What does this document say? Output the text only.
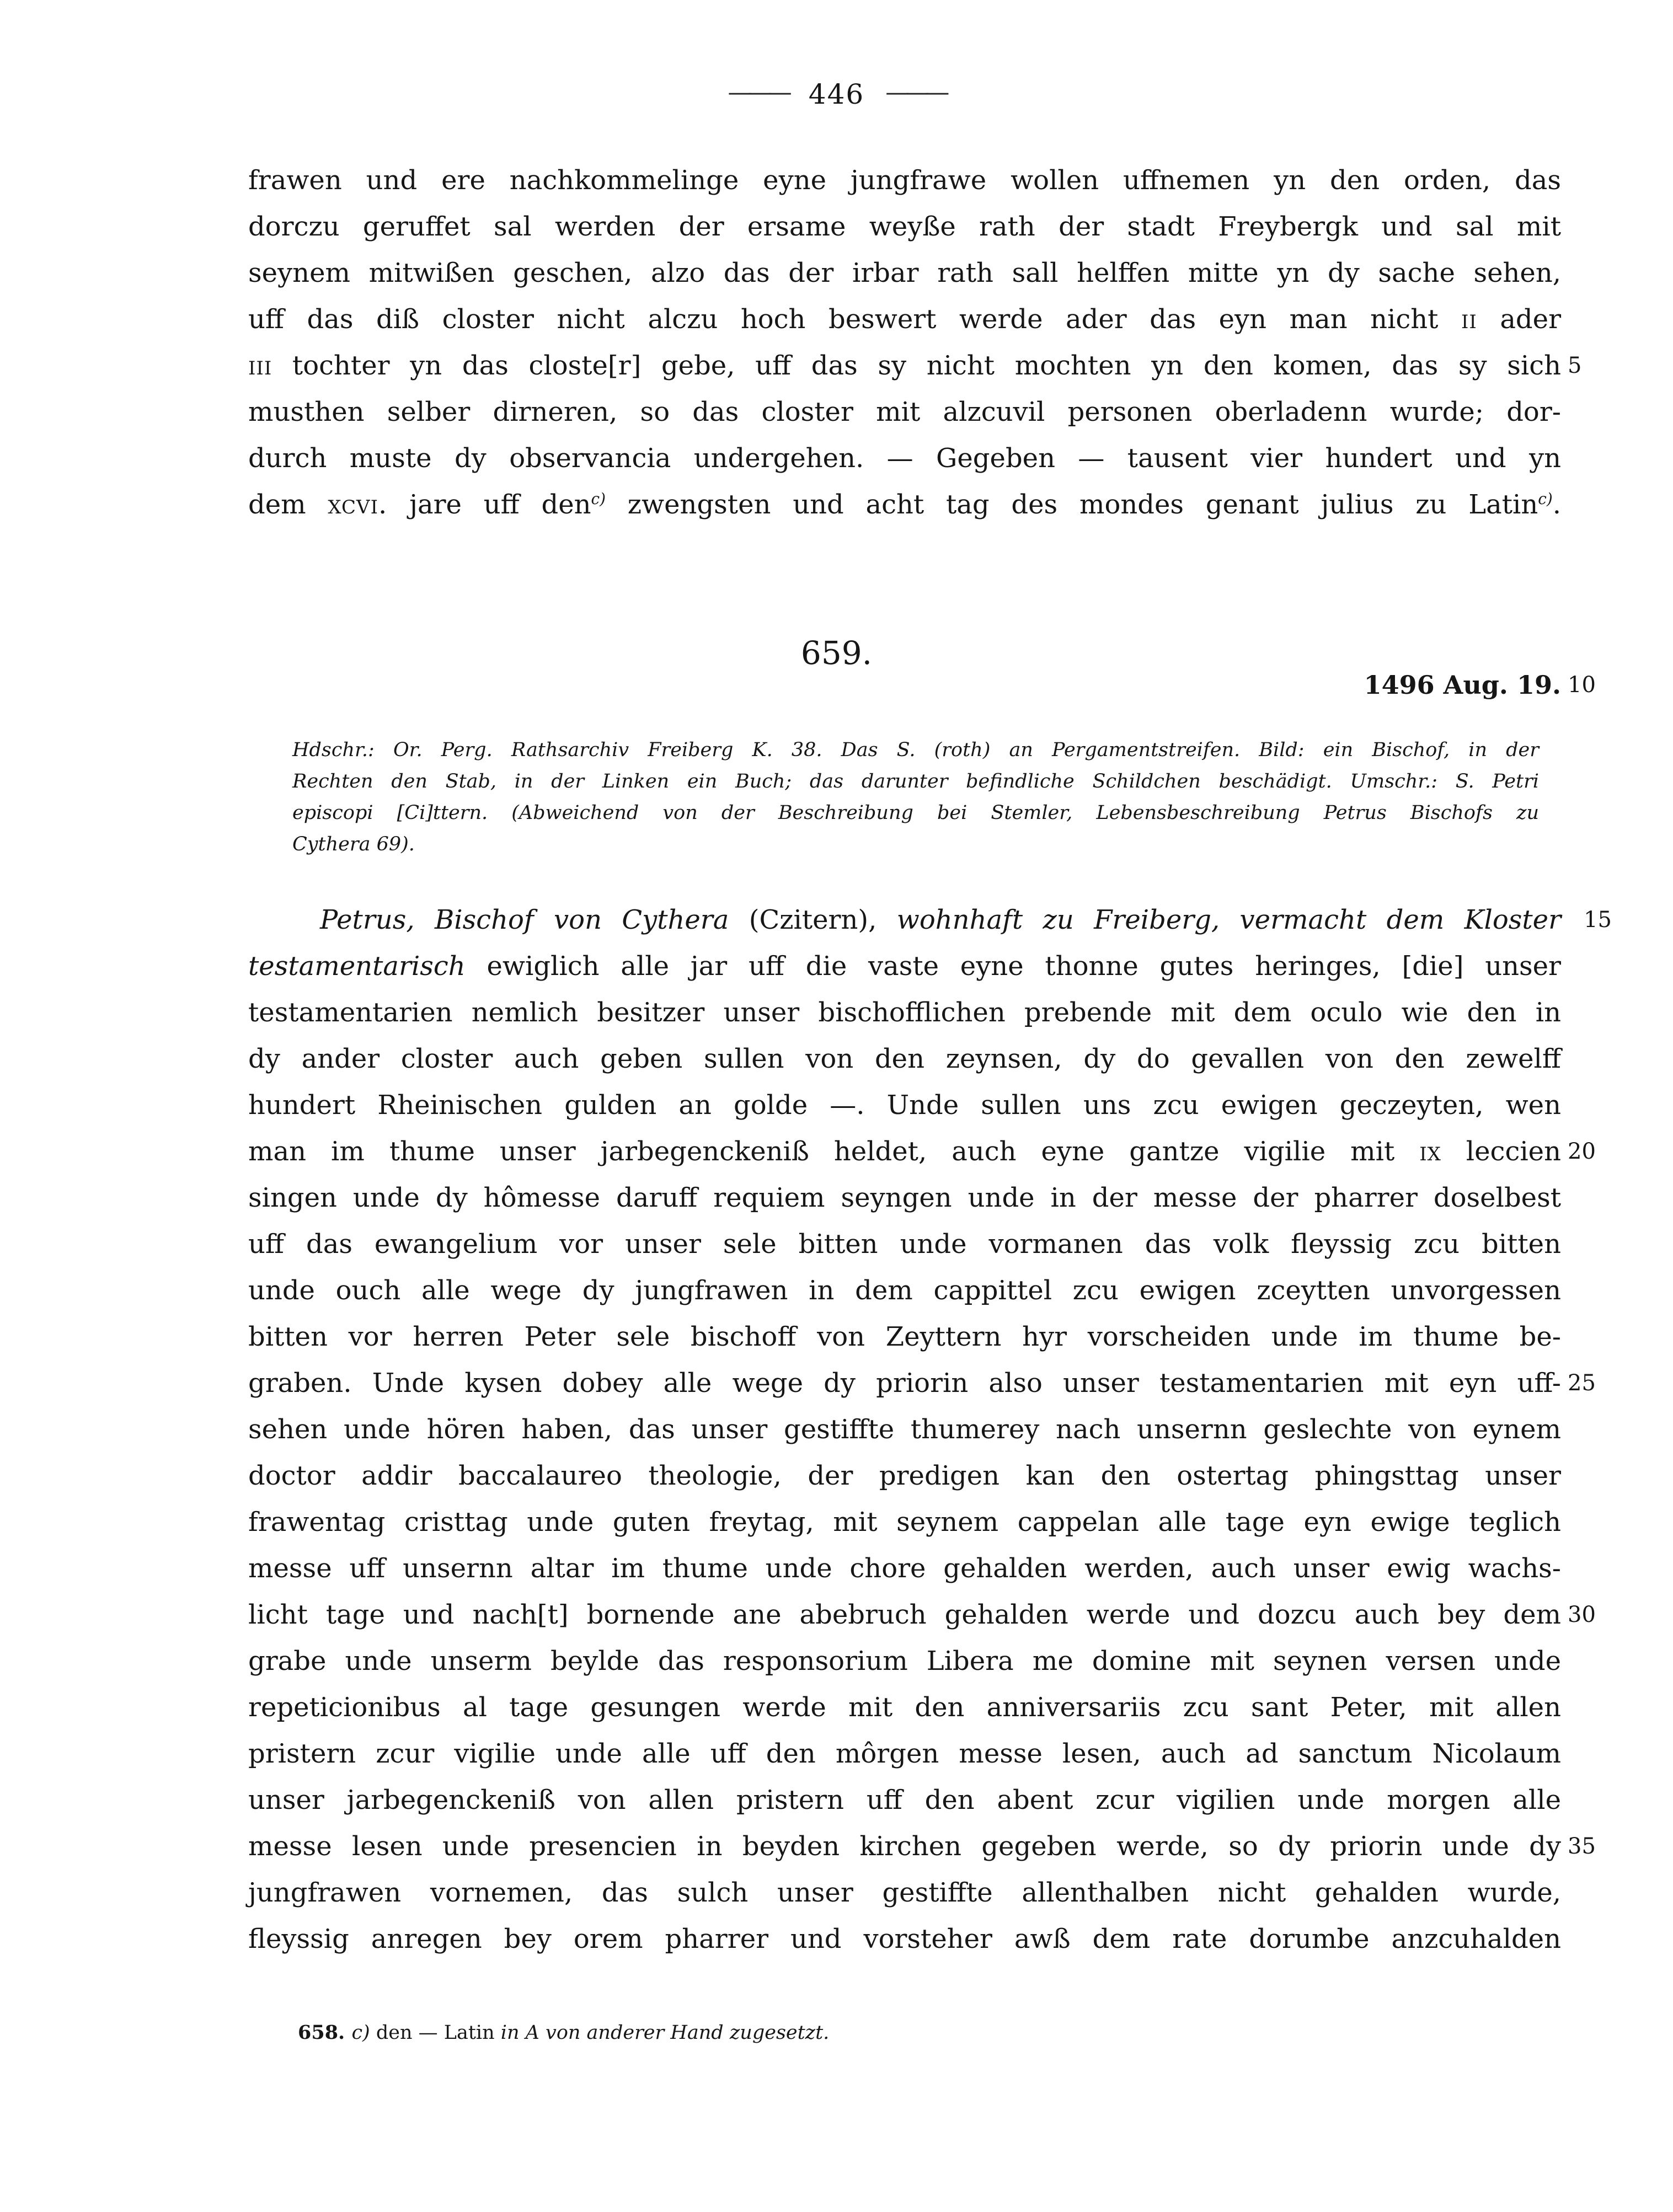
——— 446 ———
frawen und ere nachkommelinge eyne jungfrawe wollen uffnemen yn den orden, das
dorczu geruffet sal werden der ersame weyße rath der stadt Freybergk und sal mit
seynem mitwißen geschen, alzo das der irbar rath sall helffen mitte yn dy sache sehen,
uff das diß closter nicht alczu hoch beswert werde ader das eyn man nicht ii ader
iii tochter yn das closte[r] gebe, uff das sy nicht mochten yn den komen, das sy sich 5
musthen selber dirneren, so das closter mit alzcuvil personen oberladenn wurde; dor-
durch muste dy observancia undergehen. — Gegeben — tausent vier hundert und yn
dem xcvi. jare uff den$^{c)}$ zwengsten und acht tag des mondes genant julius zu Latin$^{c)}$.
659.
1496 Aug. 19. 10
Hdschr.: Or. Perg. Rathsarchiv Freiberg K. 38. Das S. (roth) an Pergamentstreifen. Bild: ein Bischof, in der
Rechten den Stab, in der Linken ein Buch; das darunter befindliche Schildchen beschädigt. Umschr.: S. Petri
episcopi [Ci]ttern. (Abweichend von der Beschreibung bei Stemler, Lebensbeschreibung Petrus Bischofs zu
Cythera 69).
Petrus, Bischof von Cythera (Czitern), wohnhaft zu Freiberg, vermacht dem Kloster	15
testamentarisch ewiglich alle jar uff die vaste eyne thonne gutes heringes, [die] unser
testamentarien nemlich besitzer unser bischofflichen prebende mit dem oculo wie den in
dy ander closter auch geben sullen von den zeynsen, dy do gevallen von den zewelff
hundert Rheinischen gulden an golde —. Unde sullen uns zcu ewigen geczeyten, wen
man im thume unser jarbegenckeniß heldet, auch eyne gantze vigilie mit ix leccien 20
singen unde dy hômesse daruff requiem seyngen unde in der messe der pharrer doselbest
uff das ewangelium vor unser sele bitten unde vormanen das volk fleyssig zcu bitten
unde ouch alle wege dy jungfrawen in dem cappittel zcu ewigen zceytten unvorgessen
bitten vor herren Peter sele bischoff von Zeyttern hyr vorscheiden unde im thume be-
graben. Unde kysen dobey alle wege dy priorin also unser testamentarien mit eyn uff- 25
sehen unde hören haben, das unser gestiffte thumerey nach unsernn geslechte von eynem
doctor addir baccalaureo theologie, der predigen kan den ostertag phingsttag unser
frawentag cristtag unde guten freytag, mit seynem cappelan alle tage eyn ewige teglich
messe uff unsernn altar im thume unde chore gehalden werden, auch unser ewig wachs-
licht tage und nach[t] bornende ane abebruch gehalden werde und dozcu auch bey dem 30
grabe unde unserm beylde das responsorium Libera me domine mit seynen versen unde
repeticionibus al tage gesungen werde mit den anniversariis zcu sant Peter, mit allen
pristern zcur vigilie unde alle uff den môrgen messe lesen, auch ad sanctum Nicolaum
unser jarbegenckeniß von allen pristern uff den abent zcur vigilien unde morgen alle
messe lesen unde presencien in beyden kirchen gegeben werde, so dy priorin unde dy 35
jungfrawen vornemen, das sulch unser gestiffte allenthalben nicht gehalden wurde,
fleyssig anregen bey orem pharrer und vorsteher awß dem rate dorumbe anzcuhalden
658. c) den — Latin in A von anderer Hand zugesetzt.
